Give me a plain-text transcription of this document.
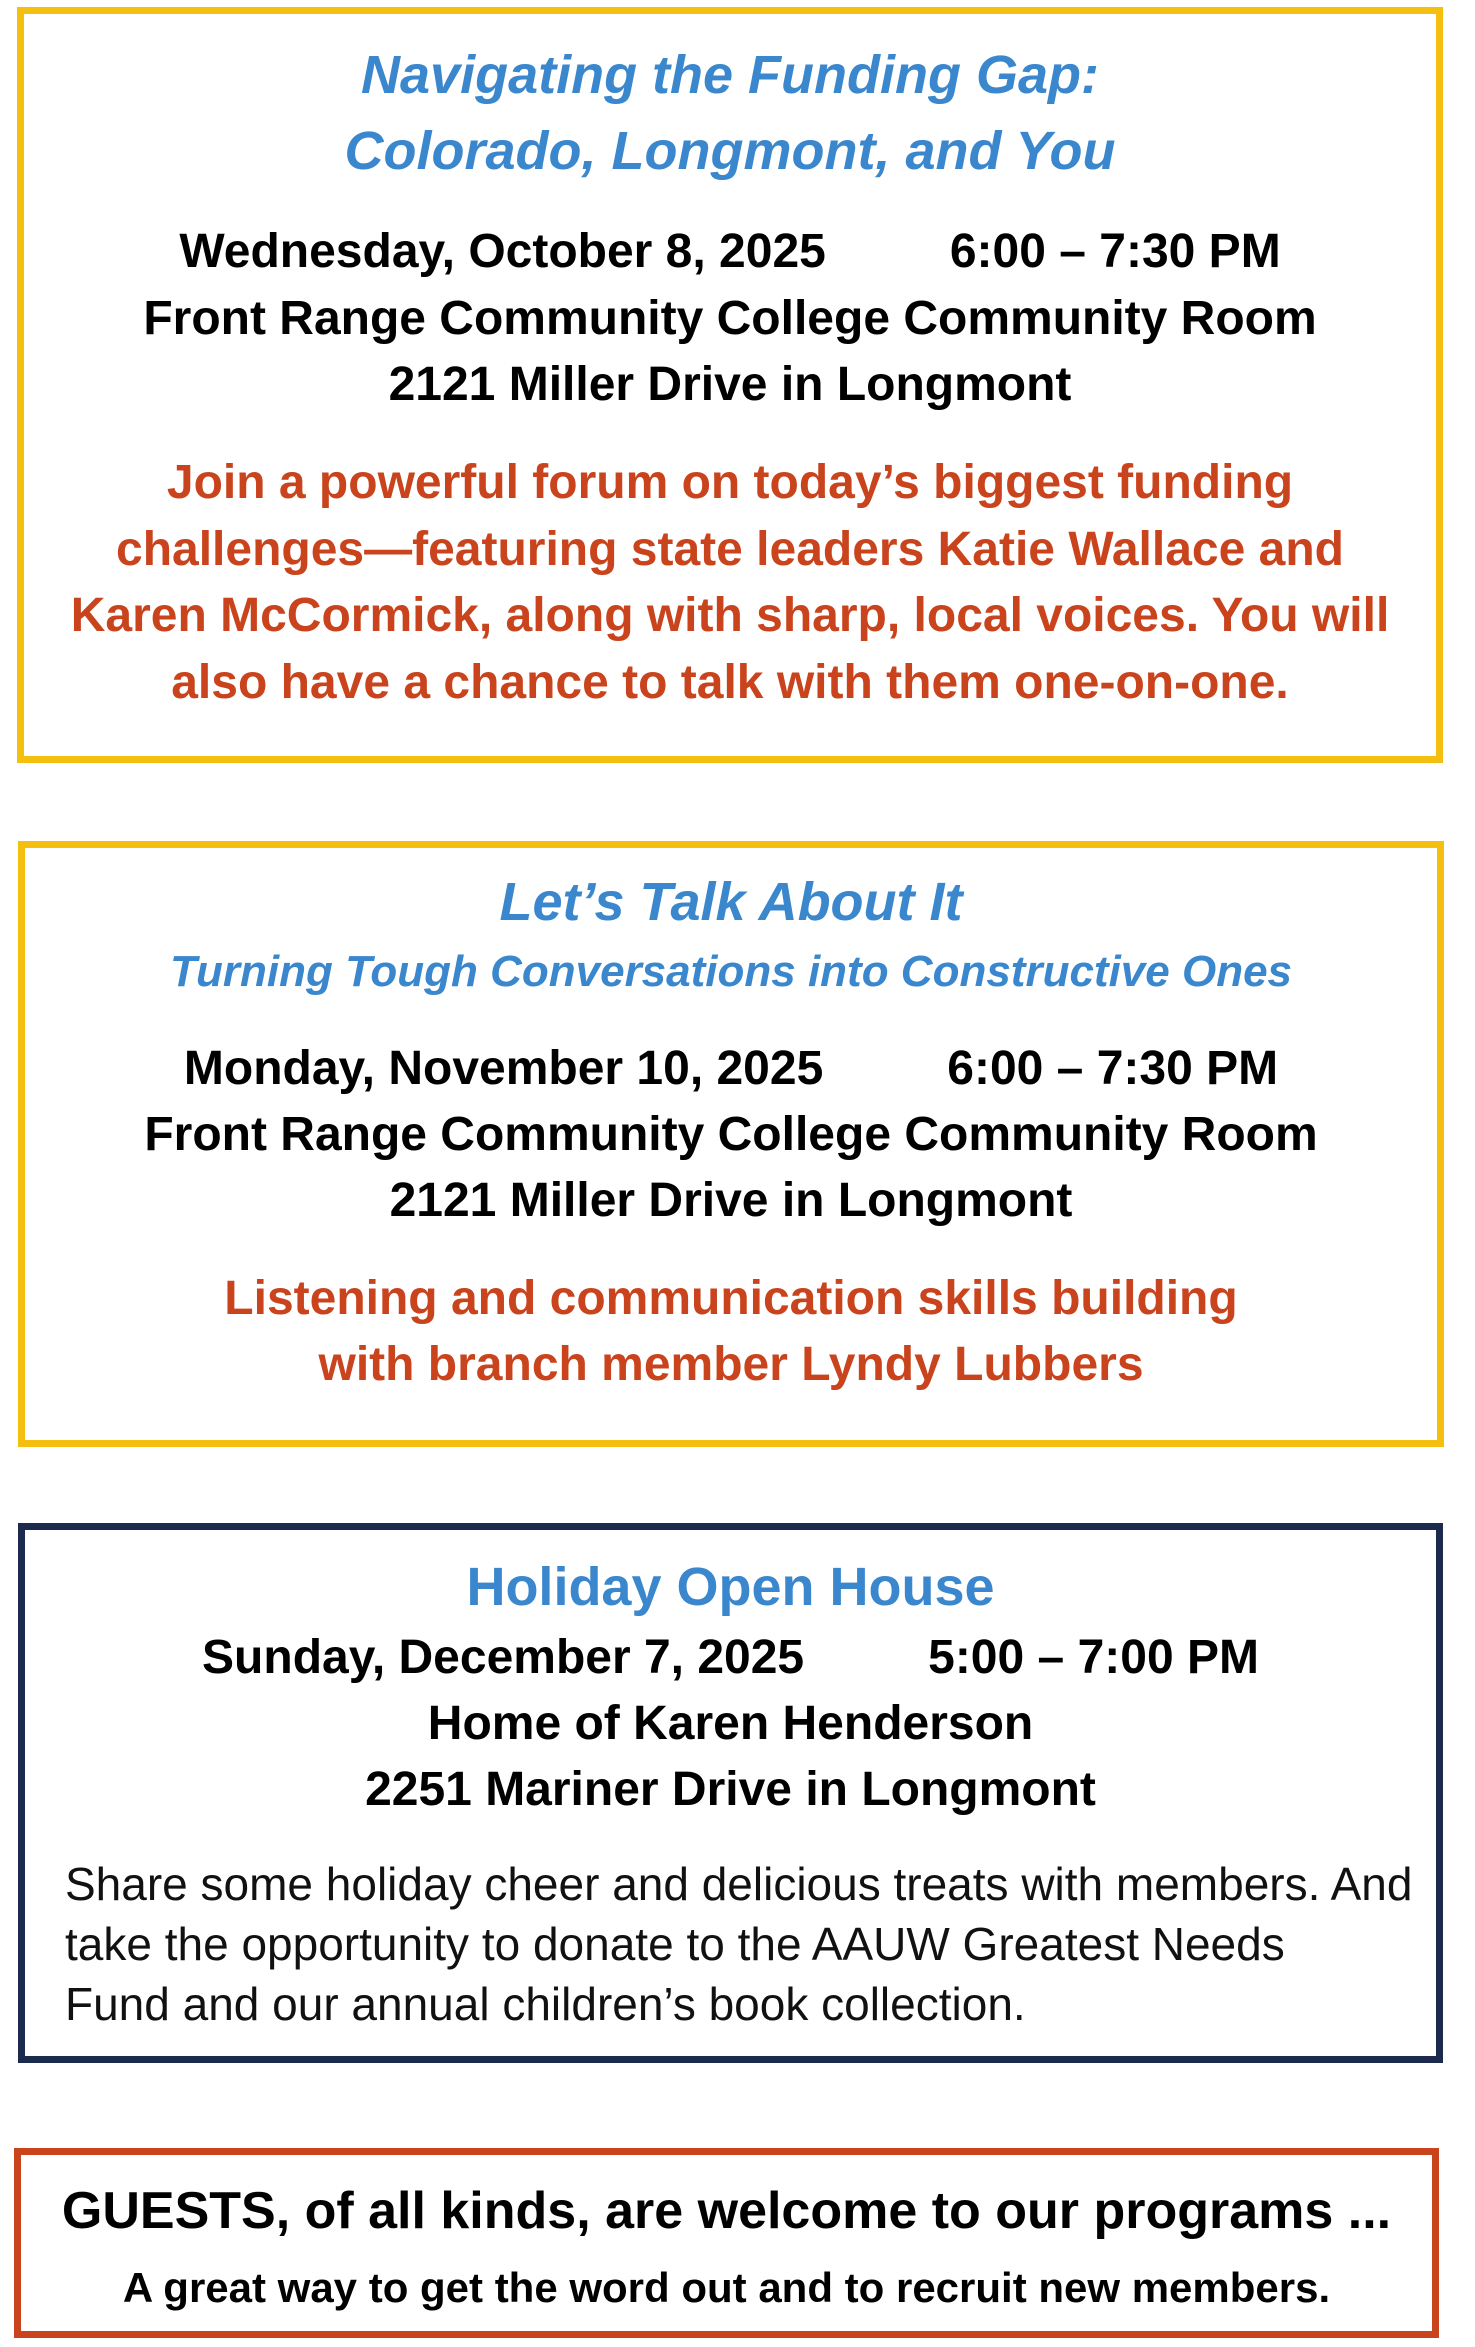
Navigating the Funding Gap:
Colorado, Longmont, and You
Wednesday, October 8, 2025	6:00 – 7:30 PM
Front Range Community College Community Room
2121 Miller Drive in Longmont
Join a powerful forum on today’s biggest funding
challenges—featuring state leaders Katie Wallace and
Karen McCormick, along with sharp, local voices. You will
also have a chance to talk with them one-on-one.
Let’s Talk About It
Turning Tough Conversations into Constructive Ones
Monday, November 10, 2025	6:00 – 7:30 PM
Front Range Community College Community Room
2121 Miller Drive in Longmont
Listening and communication skills building
with branch member Lyndy Lubbers
Holiday Open House
Sunday, December 7, 2025	5:00 – 7:00 PM
Home of Karen Henderson
2251 Mariner Drive in Longmont
Share some holiday cheer and delicious treats with members. And
take the opportunity to donate to the AAUW Greatest Needs
Fund and our annual children’s book collection.
GUESTS, of all kinds, are welcome to our programs ...
A great way to get the word out and to recruit new members.
